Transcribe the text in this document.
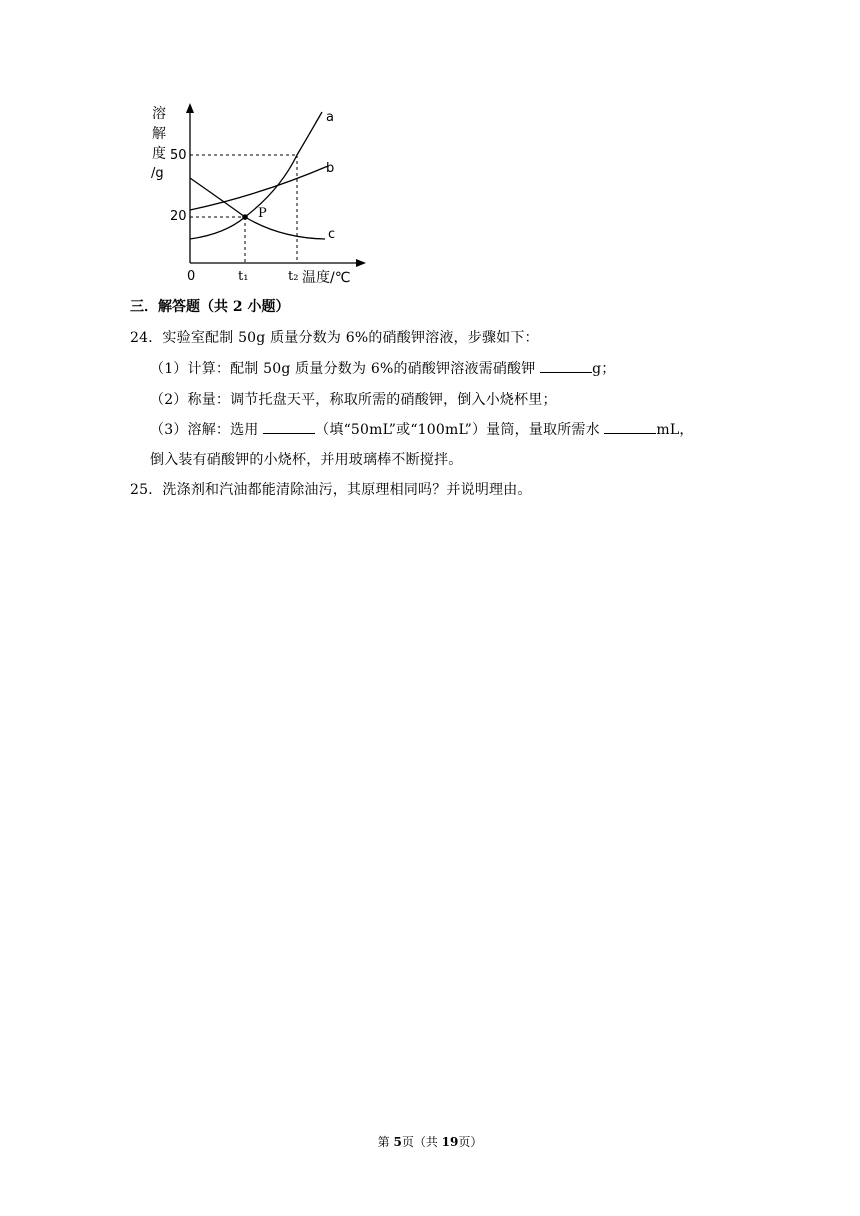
溶
解
度
/g
50
20	P
a
b
c
0	t₁	t₂ 温度/℃
三．解答题（共 2 小题）
24．实验室配制 50g 质量分数为 6%的硝酸钾溶液，步骤如下：
（1）计算：配制 50g 质量分数为 6%的硝酸钾溶液需硝酸钾	g；
（2）称量：调节托盘天平，称取所需的硝酸钾，倒入小烧杯里；
（3）溶解：选用	（填“50mL”或“100mL”）量筒，量取所需水	mL，
倒入装有硝酸钾的小烧杯，并用玻璃棒不断搅拌。
25．洗涤剂和汽油都能清除油污，其原理相同吗？并说明理由。
第 5页（共 19页）
